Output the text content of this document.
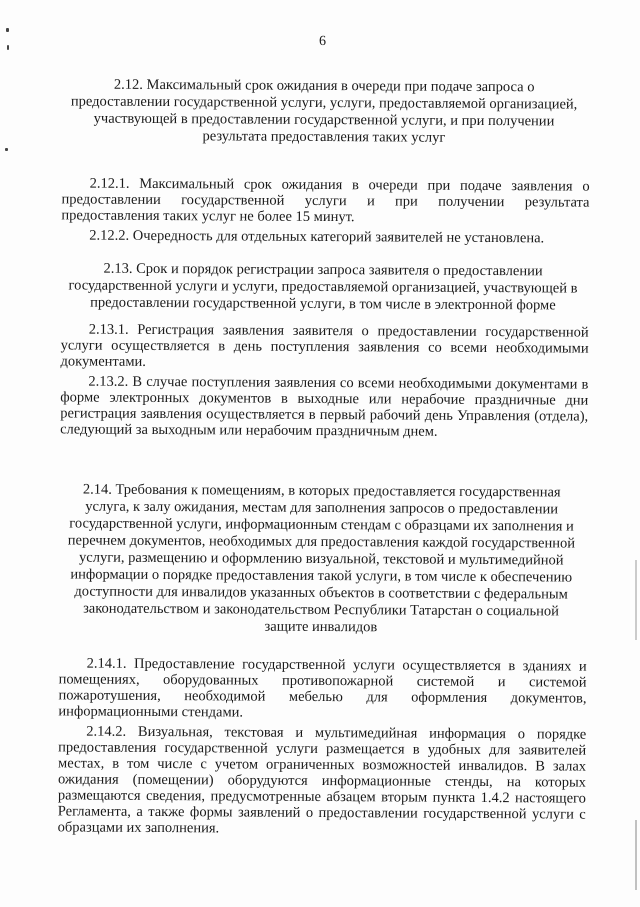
6

2.12. Максимальный срок ожидания в очереди при подаче запроса о предоставлении государственной услуги, услуги, предоставляемой организацией, участвующей в предоставлении государственной услуги, и при получении результата предоставления таких услуг

2.12.1. Максимальный срок ожидания в очереди при подаче заявления о предоставлении государственной услуги и при получении результата предоставления таких услуг не более 15 минут.

2.12.2. Очередность для отдельных категорий заявителей не установлена.

2.13. Срок и порядок регистрации запроса заявителя о предоставлении государственной услуги и услуги, предоставляемой организацией, участвующей в предоставлении государственной услуги, в том числе в электронной форме

2.13.1. Регистрация заявления заявителя о предоставлении государственной услуги осуществляется в день поступления заявления со всеми необходимыми документами.

2.13.2. В случае поступления заявления со всеми необходимыми документами в форме электронных документов в выходные или нерабочие праздничные дни регистрация заявления осуществляется в первый рабочий день Управления (отдела), следующий за выходным или нерабочим праздничным днем.

2.14. Требования к помещениям, в которых предоставляется государственная услуга, к залу ожидания, местам для заполнения запросов о предоставлении государственной услуги, информационным стендам с образцами их заполнения и перечнем документов, необходимых для предоставления каждой государственной услуги, размещению и оформлению визуальной, текстовой и мультимедийной информации о порядке предоставления такой услуги, в том числе к обеспечению доступности для инвалидов указанных объектов в соответствии с федеральным законодательством и законодательством Республики Татарстан о социальной защите инвалидов

2.14.1. Предоставление государственной услуги осуществляется в зданиях и помещениях, оборудованных противопожарной системой и системой пожаротушения, необходимой мебелью для оформления документов, информационными стендами.

2.14.2. Визуальная, текстовая и мультимедийная информация о порядке предоставления государственной услуги размещается в удобных для заявителей местах, в том числе с учетом ограниченных возможностей инвалидов. В залах ожидания (помещении) оборудуются информационные стенды, на которых размещаются сведения, предусмотренные абзацем вторым пункта 1.4.2 настоящего Регламента, а также формы заявлений о предоставлении государственной услуги с образцами их заполнения.
